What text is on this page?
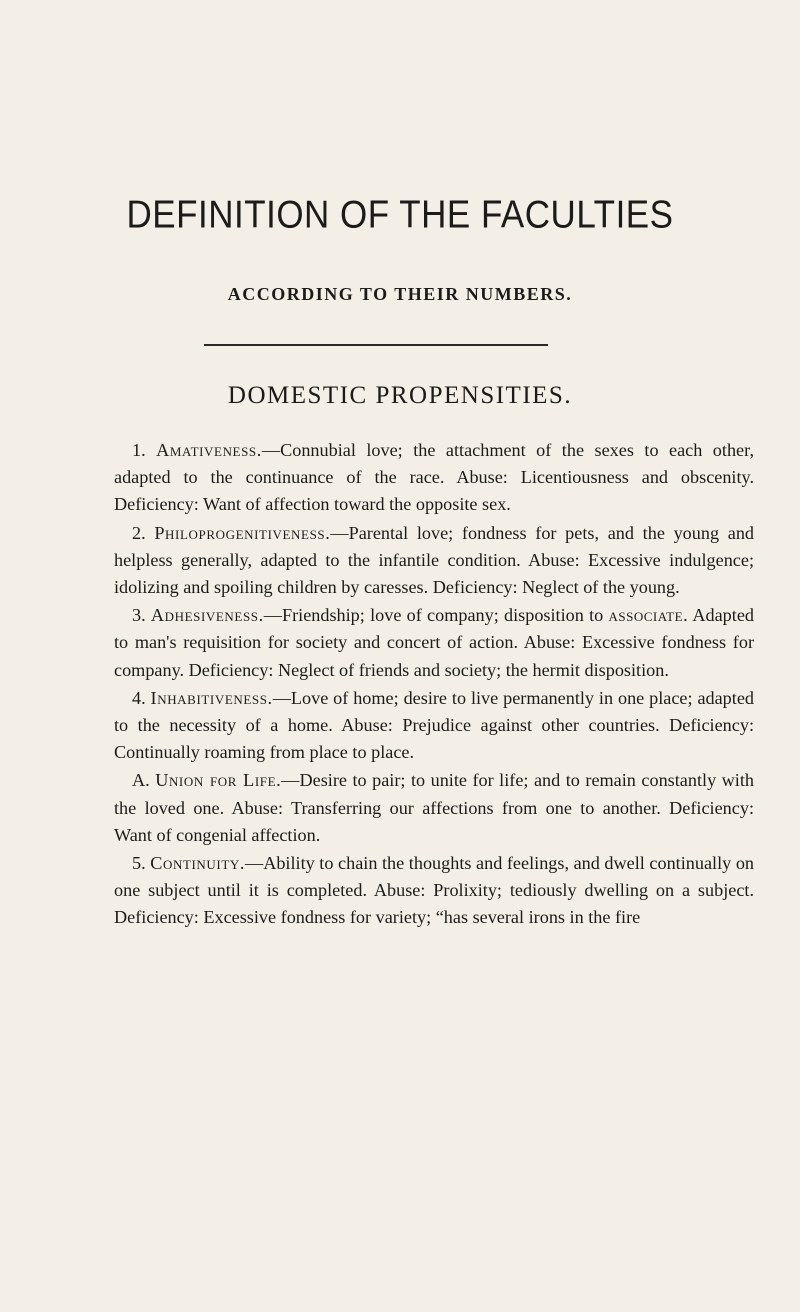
DEFINITION OF THE FACULTIES

ACCORDING TO THEIR NUMBERS.

DOMESTIC PROPENSITIES.

1. Amativeness.—Connubial love; the attachment of the sexes to each other, adapted to the continuance of the race. Abuse: Licentiousness and obscenity. Deficiency: Want of affection toward the opposite sex.

2. Philoprogenitiveness.—Parental love; fondness for pets, and the young and helpless generally, adapted to the infantile condition. Abuse: Excessive indulgence; idolizing and spoiling children by caresses. Deficiency: Neglect of the young.

3. Adhesiveness.—Friendship; love of company; disposition to associate. Adapted to man's requisition for society and concert of action. Abuse: Excessive fondness for company. Deficiency: Neglect of friends and society; the hermit disposition.

4. Inhabitiveness.—Love of home; desire to live permanently in one place; adapted to the necessity of a home. Abuse: Prejudice against other countries. Deficiency: Continually roaming from place to place.

A. Union for Life.—Desire to pair; to unite for life; and to remain constantly with the loved one. Abuse: Transferring our affections from one to another. Deficiency: Want of congenial affection.

5. Continuity.—Ability to chain the thoughts and feelings, and dwell continually on one subject until it is completed. Abuse: Prolixity; tediously dwelling on a subject. Deficiency: Excessive fondness for variety; “has several irons in the fire
